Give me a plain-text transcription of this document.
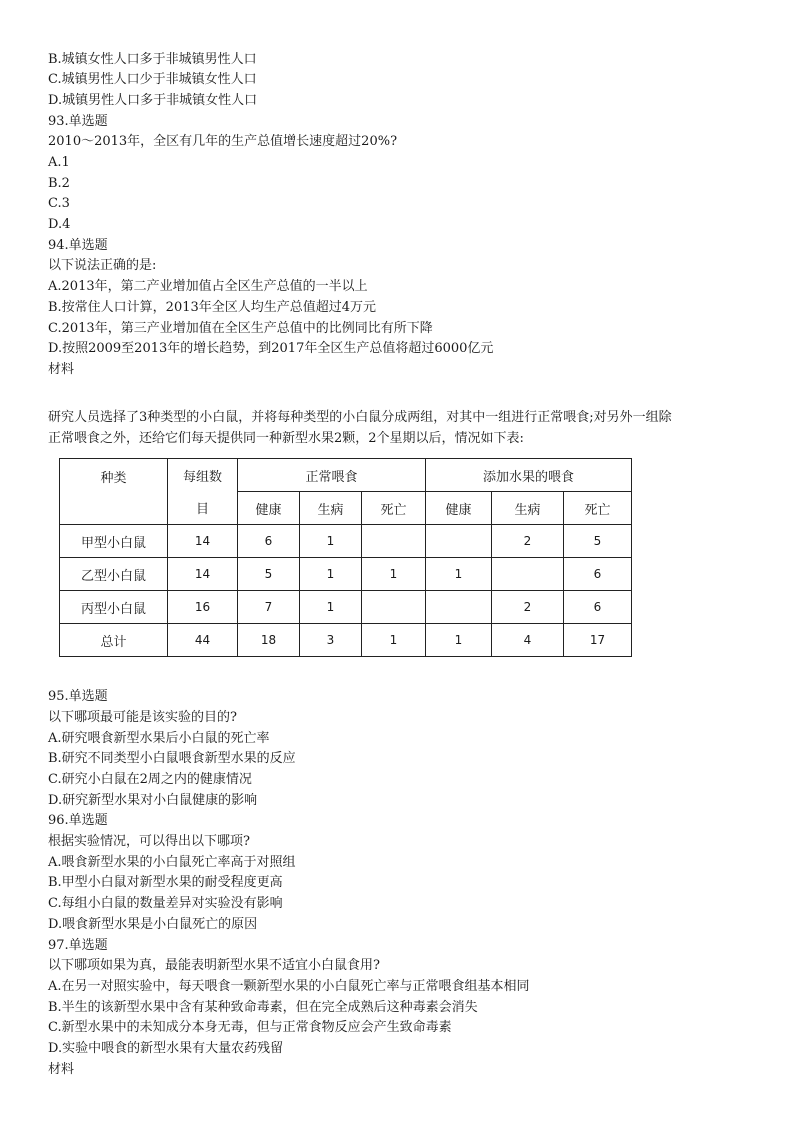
B.城镇女性人口多于非城镇男性人口
C.城镇男性人口少于非城镇女性人口
D.城镇男性人口多于非城镇女性人口
93.单选题
2010～2013年，全区有几年的生产总值增长速度超过20%?
A.1
B.2
C.3
D.4
94.单选题
以下说法正确的是:
A.2013年，第二产业增加值占全区生产总值的一半以上
B.按常住人口计算，2013年全区人均生产总值超过4万元
C.2013年，第三产业增加值在全区生产总值中的比例同比有所下降
D.按照2009至2013年的增长趋势，到2017年全区生产总值将超过6000亿元
材料
研究人员选择了3种类型的小白鼠，并将每种类型的小白鼠分成两组，对其中一组进行正常喂食;对另外一组除
正常喂食之外，还给它们每天提供同一种新型水果2颗，2个星期以后，情况如下表:
种类	每组数	正常喂食			添加水果的喂食		
	目	健康	生病	死亡	健康	生病	死亡
甲型小白鼠	14	6	1			2	5
乙型小白鼠	14	5	1	1	1		6
丙型小白鼠	16	7	1			2	6
总计	44	18	3	1	1	4	17
95.单选题
以下哪项最可能是该实验的目的?
A.研究喂食新型水果后小白鼠的死亡率
B.研究不同类型小白鼠喂食新型水果的反应
C.研究小白鼠在2周之内的健康情况
D.研究新型水果对小白鼠健康的影响
96.单选题
根据实验情况，可以得出以下哪项?
A.喂食新型水果的小白鼠死亡率高于对照组
B.甲型小白鼠对新型水果的耐受程度更高
C.每组小白鼠的数量差异对实验没有影响
D.喂食新型水果是小白鼠死亡的原因
97.单选题
以下哪项如果为真，最能表明新型水果不适宜小白鼠食用?
A.在另一对照实验中，每天喂食一颗新型水果的小白鼠死亡率与正常喂食组基本相同
B.半生的该新型水果中含有某种致命毒素，但在完全成熟后这种毒素会消失
C.新型水果中的未知成分本身无毒，但与正常食物反应会产生致命毒素
D.实验中喂食的新型水果有大量农药残留
材料
